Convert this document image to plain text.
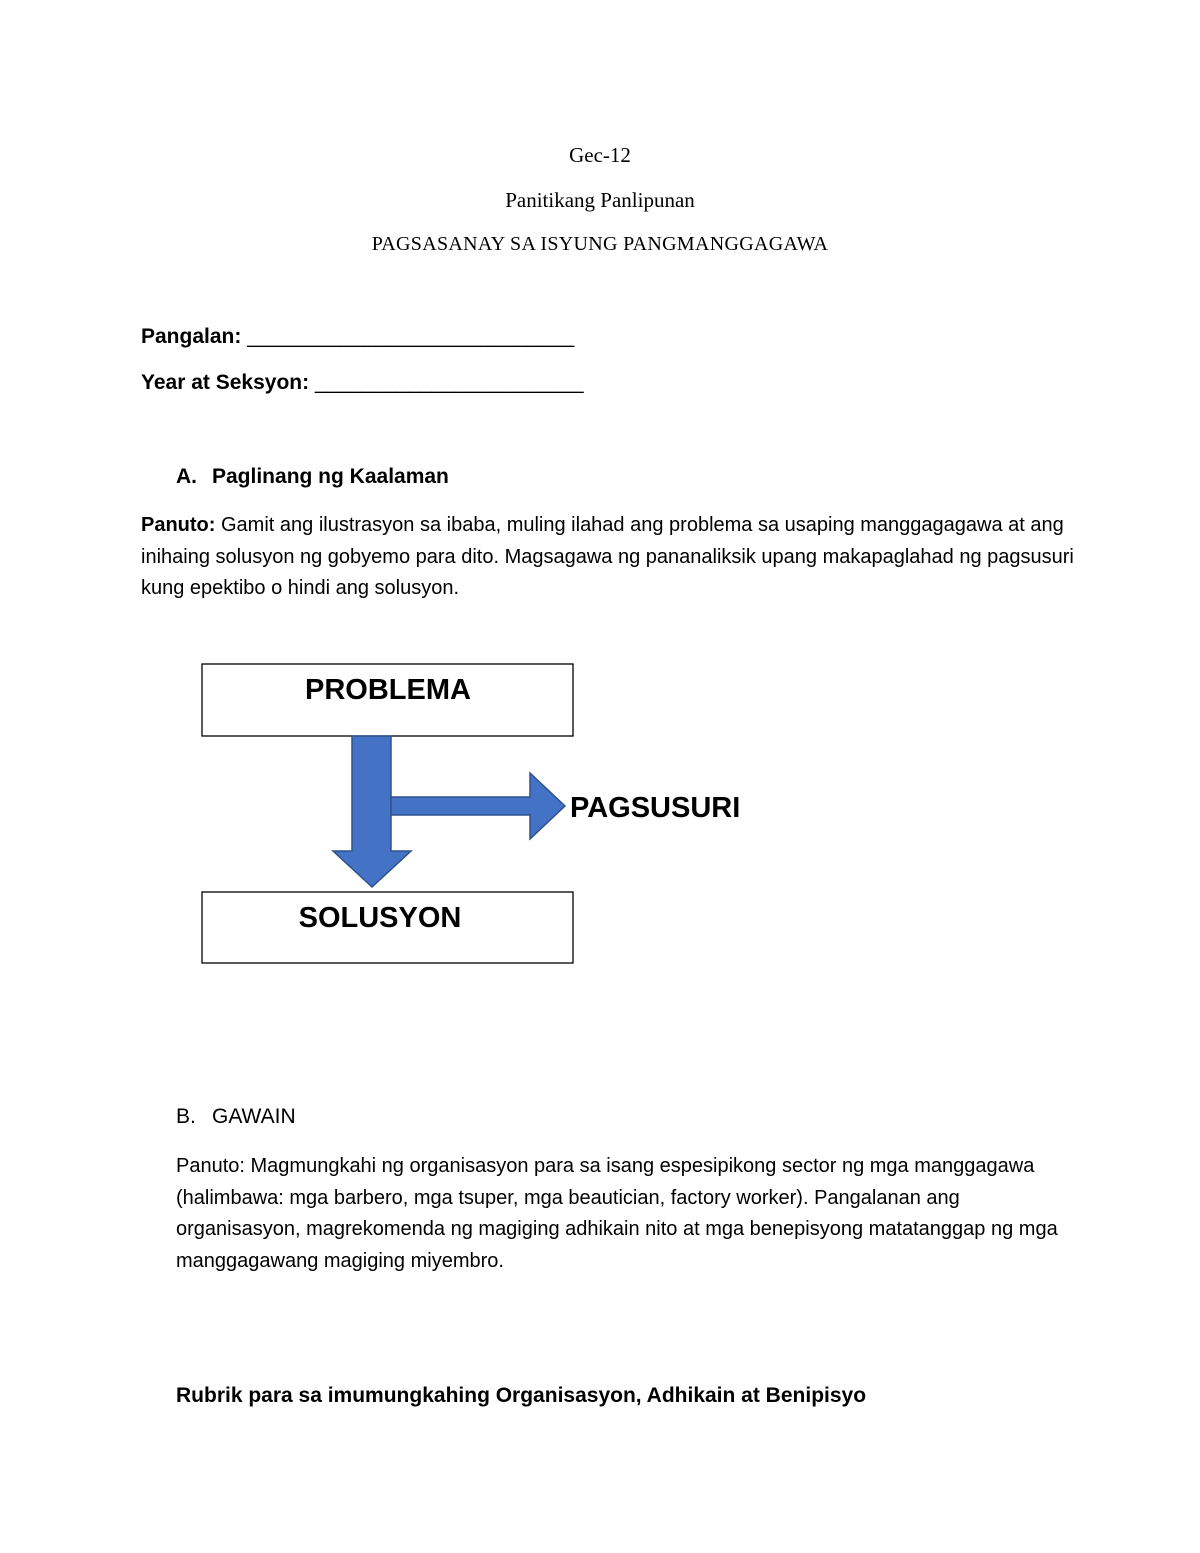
Gec-12
Panitikang Panlipunan
PAGSASANAY SA ISYUNG PANGMANGGAGAWA
Pangalan: ____________________________
Year at Seksyon: _______________________
A. Paglinang ng Kaalaman
Panuto: Gamit ang ilustrasyon sa ibaba, muling ilahad ang problema sa usaping manggagagawa at ang inihaing solusyon ng gobyemo para dito. Magsagawa ng pananaliksik upang makapaglahad ng pagsusuri kung epektibo o hindi ang solusyon.
PROBLEMA
SOLUSYON
PAGSUSURI
B. GAWAIN
Panuto: Magmungkahi ng organisasyon para sa isang espesipikong sector ng mga manggagawa (halimbawa: mga barbero, mga tsuper, mga beautician, factory worker). Pangalanan ang organisasyon, magrekomenda ng magiging adhikain nito at mga benepisyong matatanggap ng mga manggagawang magiging miyembro.
Rubrik para sa imumungkahing Organisasyon, Adhikain at Benipisyo
